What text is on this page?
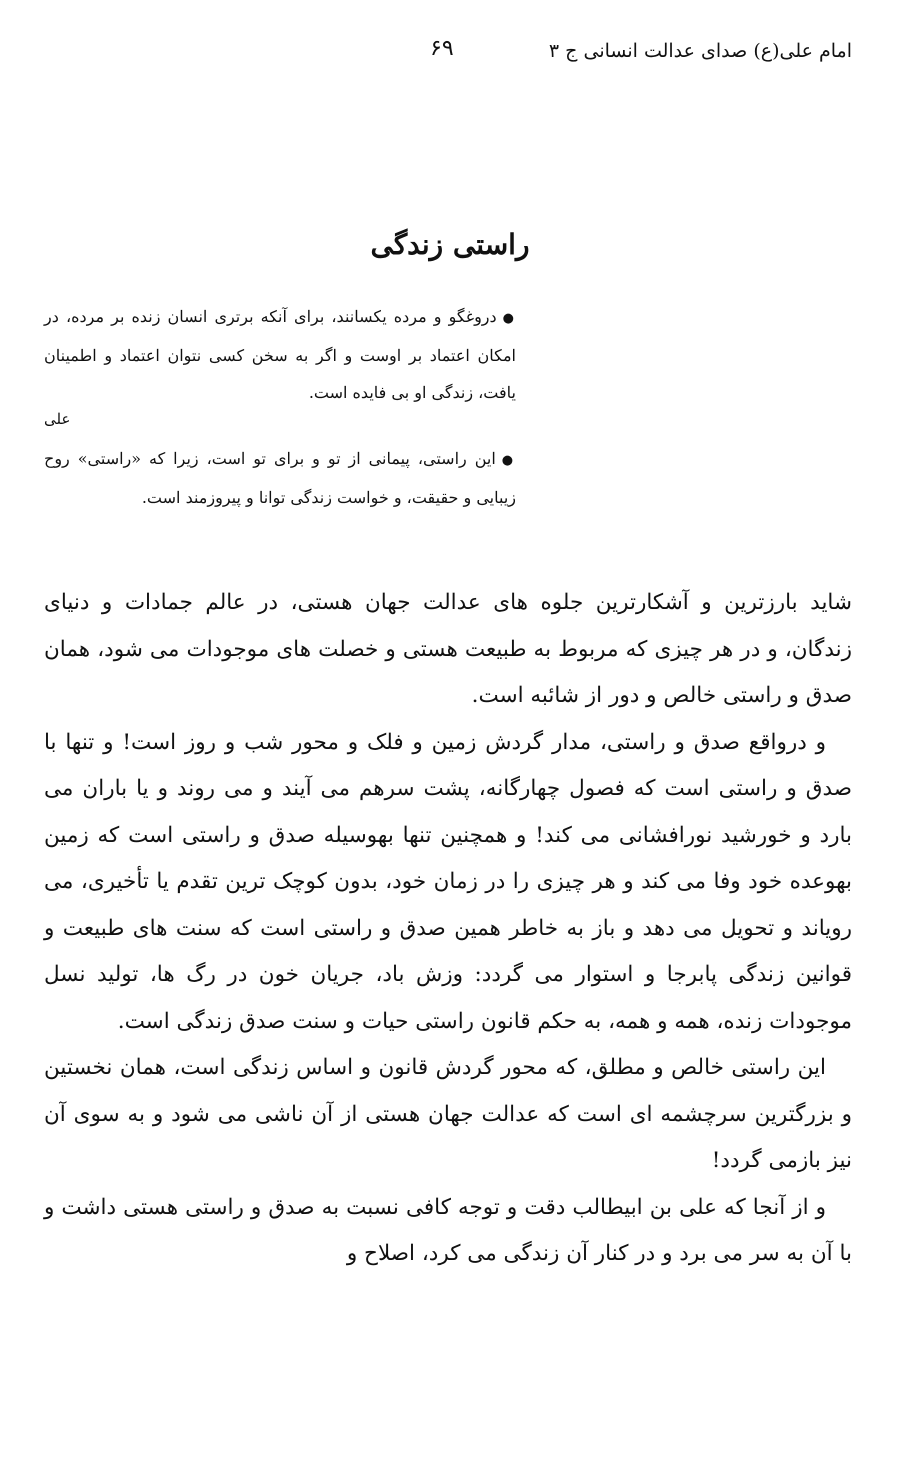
امام علی(ع) صدای عدالت انسانی ج ۳
۶۹
راستی زندگی

●دروغگو و مرده یکسانند، برای آنکه برتری انسان زنده بر مرده، در امکان اعتماد بر اوست و اگر به سخن کسی نتوان اعتماد و اطمینان یافت، زندگی او بی فایده است.

علی

●این راستی، پیمانی از تو و برای تو است، زیرا که «راستی» روح زیبایی و حقیقت، و خواست زندگی توانا و پیروزمند است.

شاید بارزترین و آشکارترین جلوه های عدالت جهان هستی، در عالم جمادات و دنیای زندگان، و در هر چیزی که مربوط به طبیعت هستی و خصلت های موجودات می شود، همان صدق و راستی خالص و دور از شائبه است.

و درواقع صدق و راستی، مدار گردش زمین و فلک و محور شب و روز است! و تنها با صدق و راستی است که فصول چهارگانه، پشت سرهم می آیند و می روند و یا باران می بارد و خورشید نورافشانی می کند! و همچنین تنها بهوسیله صدق و راستی است که زمین بهوعده خود وفا می کند و هر چیزی را در زمان خود، بدون کوچک ترین تقدم یا تأخیری، می رویاند و تحویل می دهد و باز به خاطر همین صدق و راستی است که سنت های طبیعت و قوانین زندگی پابرجا و استوار می گردد: وزش باد، جریان خون در رگ ها، تولید نسل موجودات زنده، همه و همه، به حکم قانون راستی حیات و سنت صدق زندگی است.

این راستی خالص و مطلق، که محور گردش قانون و اساس زندگی است، همان نخستین و بزرگترین سرچشمه ای است که عدالت جهان هستی از آن ناشی می شود و به سوی آن نیز بازمی گردد!

و از آنجا که علی بن ابیطالب دقت و توجه کافی نسبت به صدق و راستی هستی داشت و با آن به سر می برد و در کنار آن زندگی می کرد، اصلاح و
